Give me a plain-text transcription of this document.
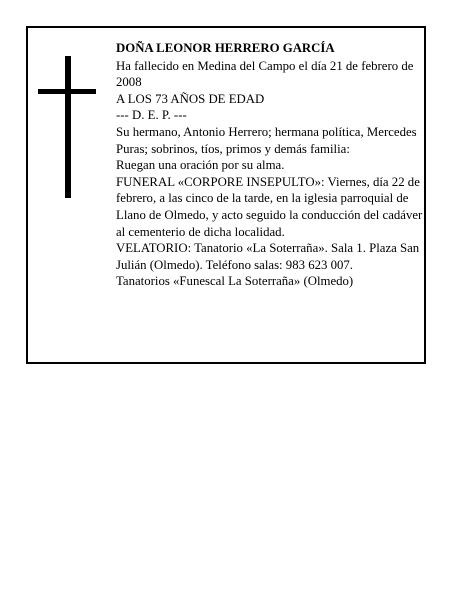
DOÑA LEONOR HERRERO GARCÍA

Ha fallecido en Medina del Campo el día 21 de febrero de 2008

A LOS 73 AÑOS DE EDAD

--- D. E. P. ---

Su hermano, Antonio Herrero; hermana política, Mercedes Puras; sobrinos, tíos, primos y demás familia:

Ruegan una oración por su alma.

FUNERAL «CORPORE INSEPULTO»: Viernes, día 22 de febrero, a las cinco de la tarde, en la iglesia parroquial de Llano de Olmedo, y acto seguido la conducción del cadáver al cementerio de dicha localidad.

VELATORIO: Tanatorio «La Soterraña». Sala 1. Plaza San Julián (Olmedo). Teléfono salas: 983 623 007.

Tanatorios «Funescal La Soterraña» (Olmedo)
